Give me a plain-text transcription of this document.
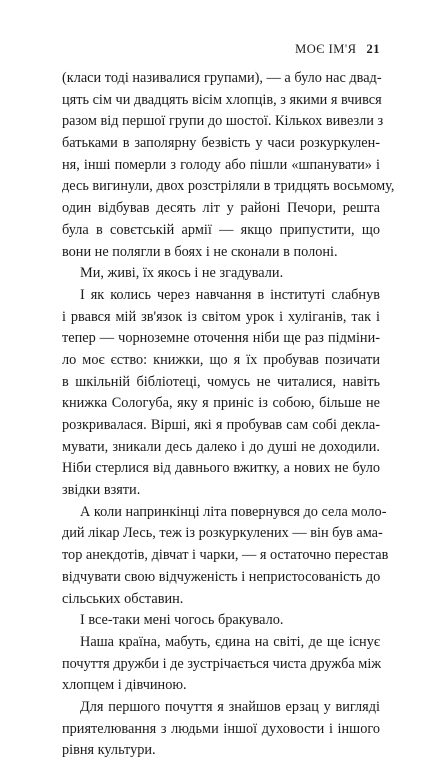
МОЄ ІМ'Я 21
(класи тоді називалися групами), — а було нас двад-
цять сім чи двадцять вісім хлопців, з якими я вчився
разом від першої групи до шостої. Кількох вивезли з
батьками в заполярну безвість у часи розкуркулен-
ня, інші померли з голоду або пішли «шпанувати» і
десь вигинули, двох розстріляли в тридцять восьмому,
один відбував десять літ у районі Печори, решта
була в совєтській армії — якщо припустити, що
вони не полягли в боях і не сконали в полоні.
Ми, живі, їх якось і не згадували.
І як колись через навчання в інституті слабнув
і рвався мій зв'язок із світом урок і хуліганів, так і
тепер — чорноземне оточення ніби ще раз підміни-
ло моє єство: книжки, що я їх пробував позичати
в шкільній бібліотеці, чомусь не читалися, навіть
книжка Сологуба, яку я приніс із собою, більше не
розкривалася. Вірші, які я пробував сам собі декла-
мувати, зникали десь далеко і до душі не доходили.
Ніби стерлися від давнього вжитку, а нових не було
звідки взяти.
А коли напринкінці літа повернувся до села моло-
дий лікар Лесь, теж із розкуркулених — він був ама-
тор анекдотів, дівчат і чарки, — я остаточно перестав
відчувати свою відчуженість і непристосованість до
сільських обставин.
І все-таки мені чогось бракувало.
Наша країна, мабуть, єдина на світі, де ще існує
почуття дружби і де зустрічається чиста дружба між
хлопцем і дівчиною.
Для першого почуття я знайшов ерзац у вигляді
приятелювання з людьми іншої духовости і іншого
рівня культури.
